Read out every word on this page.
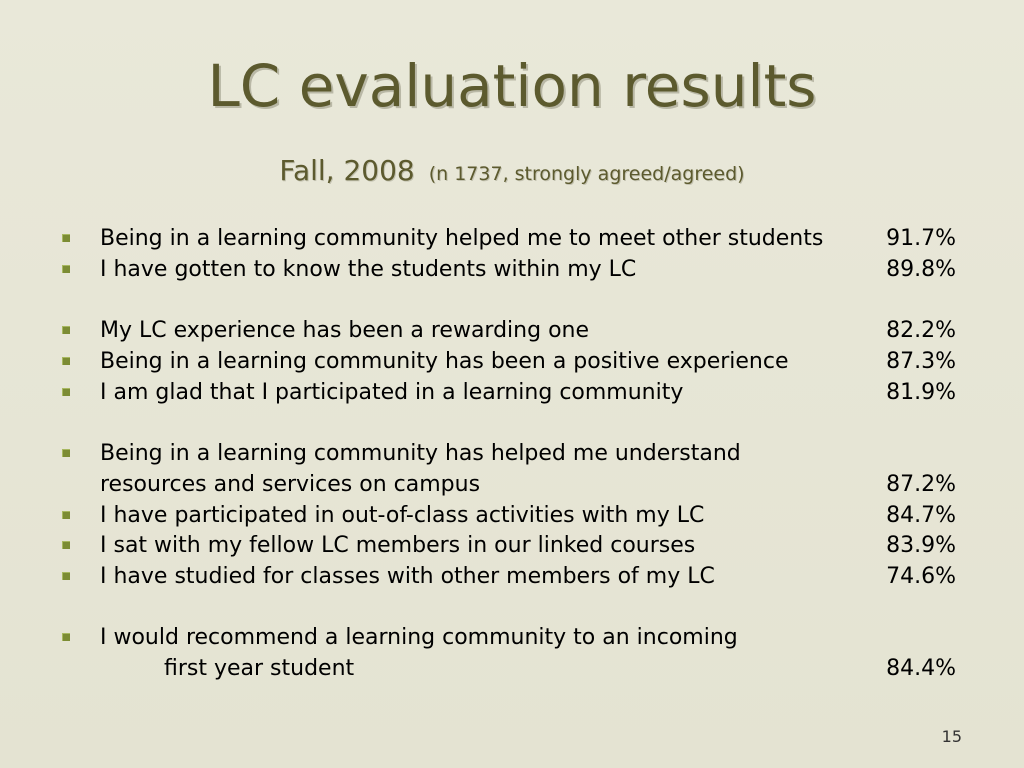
LC evaluation results
Fall, 2008 (n 1737, strongly agreed/agreed)
Being in a learning community helped me to meet other students	91.7%
I have gotten to know the students within my LC	89.8%
My LC experience has been a rewarding one	82.2%
Being in a learning community has been a positive experience	87.3%
I am glad that I participated in a learning community	81.9%
Being in a learning community has helped me understand
resources and services on campus	87.2%
I have participated in out-of-class activities with my LC	84.7%
I sat with my fellow LC members in our linked courses	83.9%
I have studied for classes with other members of my LC	74.6%
I would recommend a learning community to an incoming
first year student	84.4%
15
